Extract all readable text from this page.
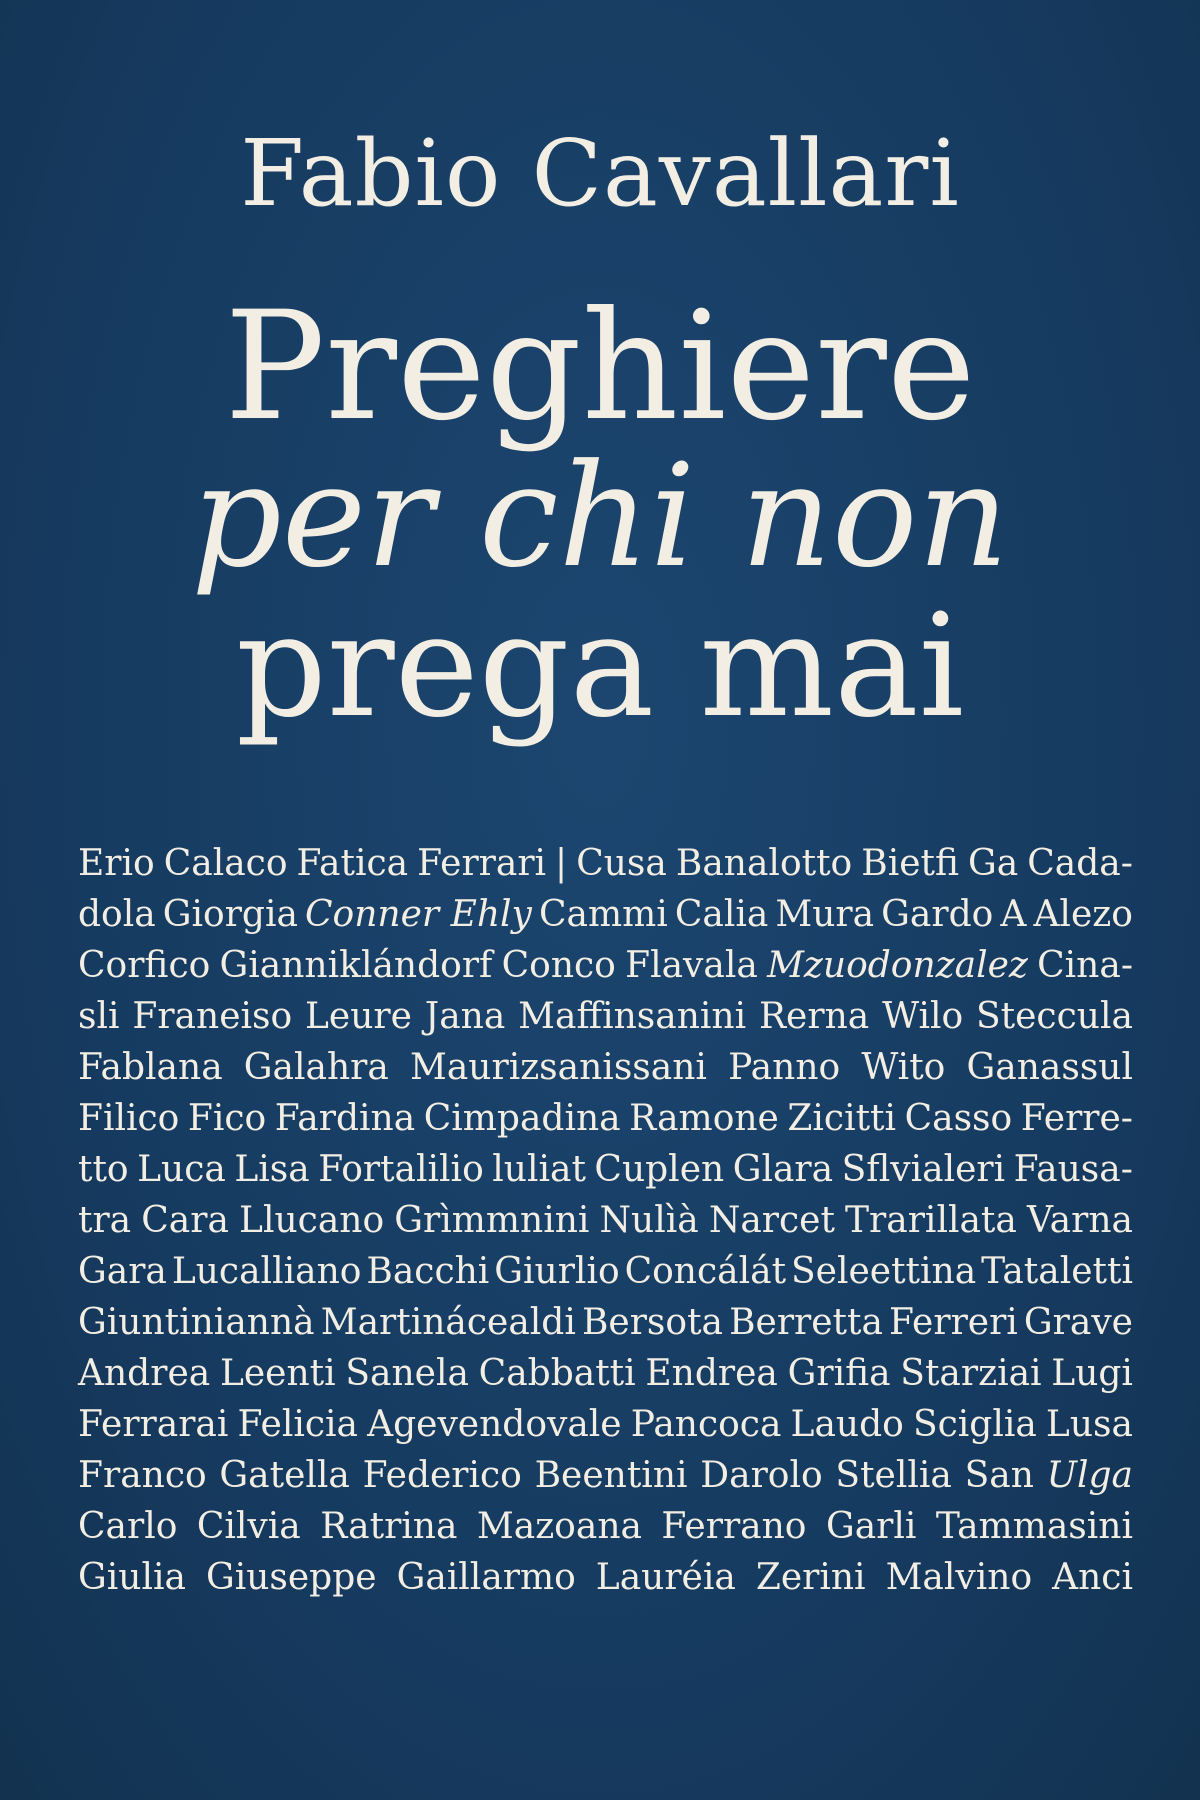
Fabio Cavallari
Preghiere
per chi non
prega mai
Erio Calaco Fatica Ferrari | Cusa Banalotto Bietfi Ga Cada-
dola Giorgia Conner Ehly Cammi Calia Mura Gardo A Alezo
Corfico Gianniklándorf Conco Flavala Mzuodonzalez Cina-
sli Franeiso Leure Jana Maffinsanini Rerna Wilo Steccula
Fablana Galahra Maurizsanissani Panno Wito Ganassul
Filico Fico Fardina Cimpadina Ramone Zicitti Casso Ferre-
tto Luca Lisa Fortalilio luliat Cuplen Glara Sflvialeri Fausa-
tra Cara Llucano Grìmmnini Nulìà Narcet Trarillata Varna
Gara Lucalliano Bacchi Giurlio Concálát Seleettina Tataletti
Giuntiniannà Martinácealdi Bersota Berretta Ferreri Grave
Andrea Leenti Sanela Cabbatti Endrea Grifia Starziai Lugi
Ferrarai Felicia Agevendovale Pancoca Laudo Sciglia Lusa
Franco Gatella Federico Beentini Darolo Stellia San Ulga
Carlo Cilvia Ratrina Mazoana Ferrano Garli Tammasini
Giulia Giuseppe Gaillarmo Lauréia Zerini Malvino Anci
